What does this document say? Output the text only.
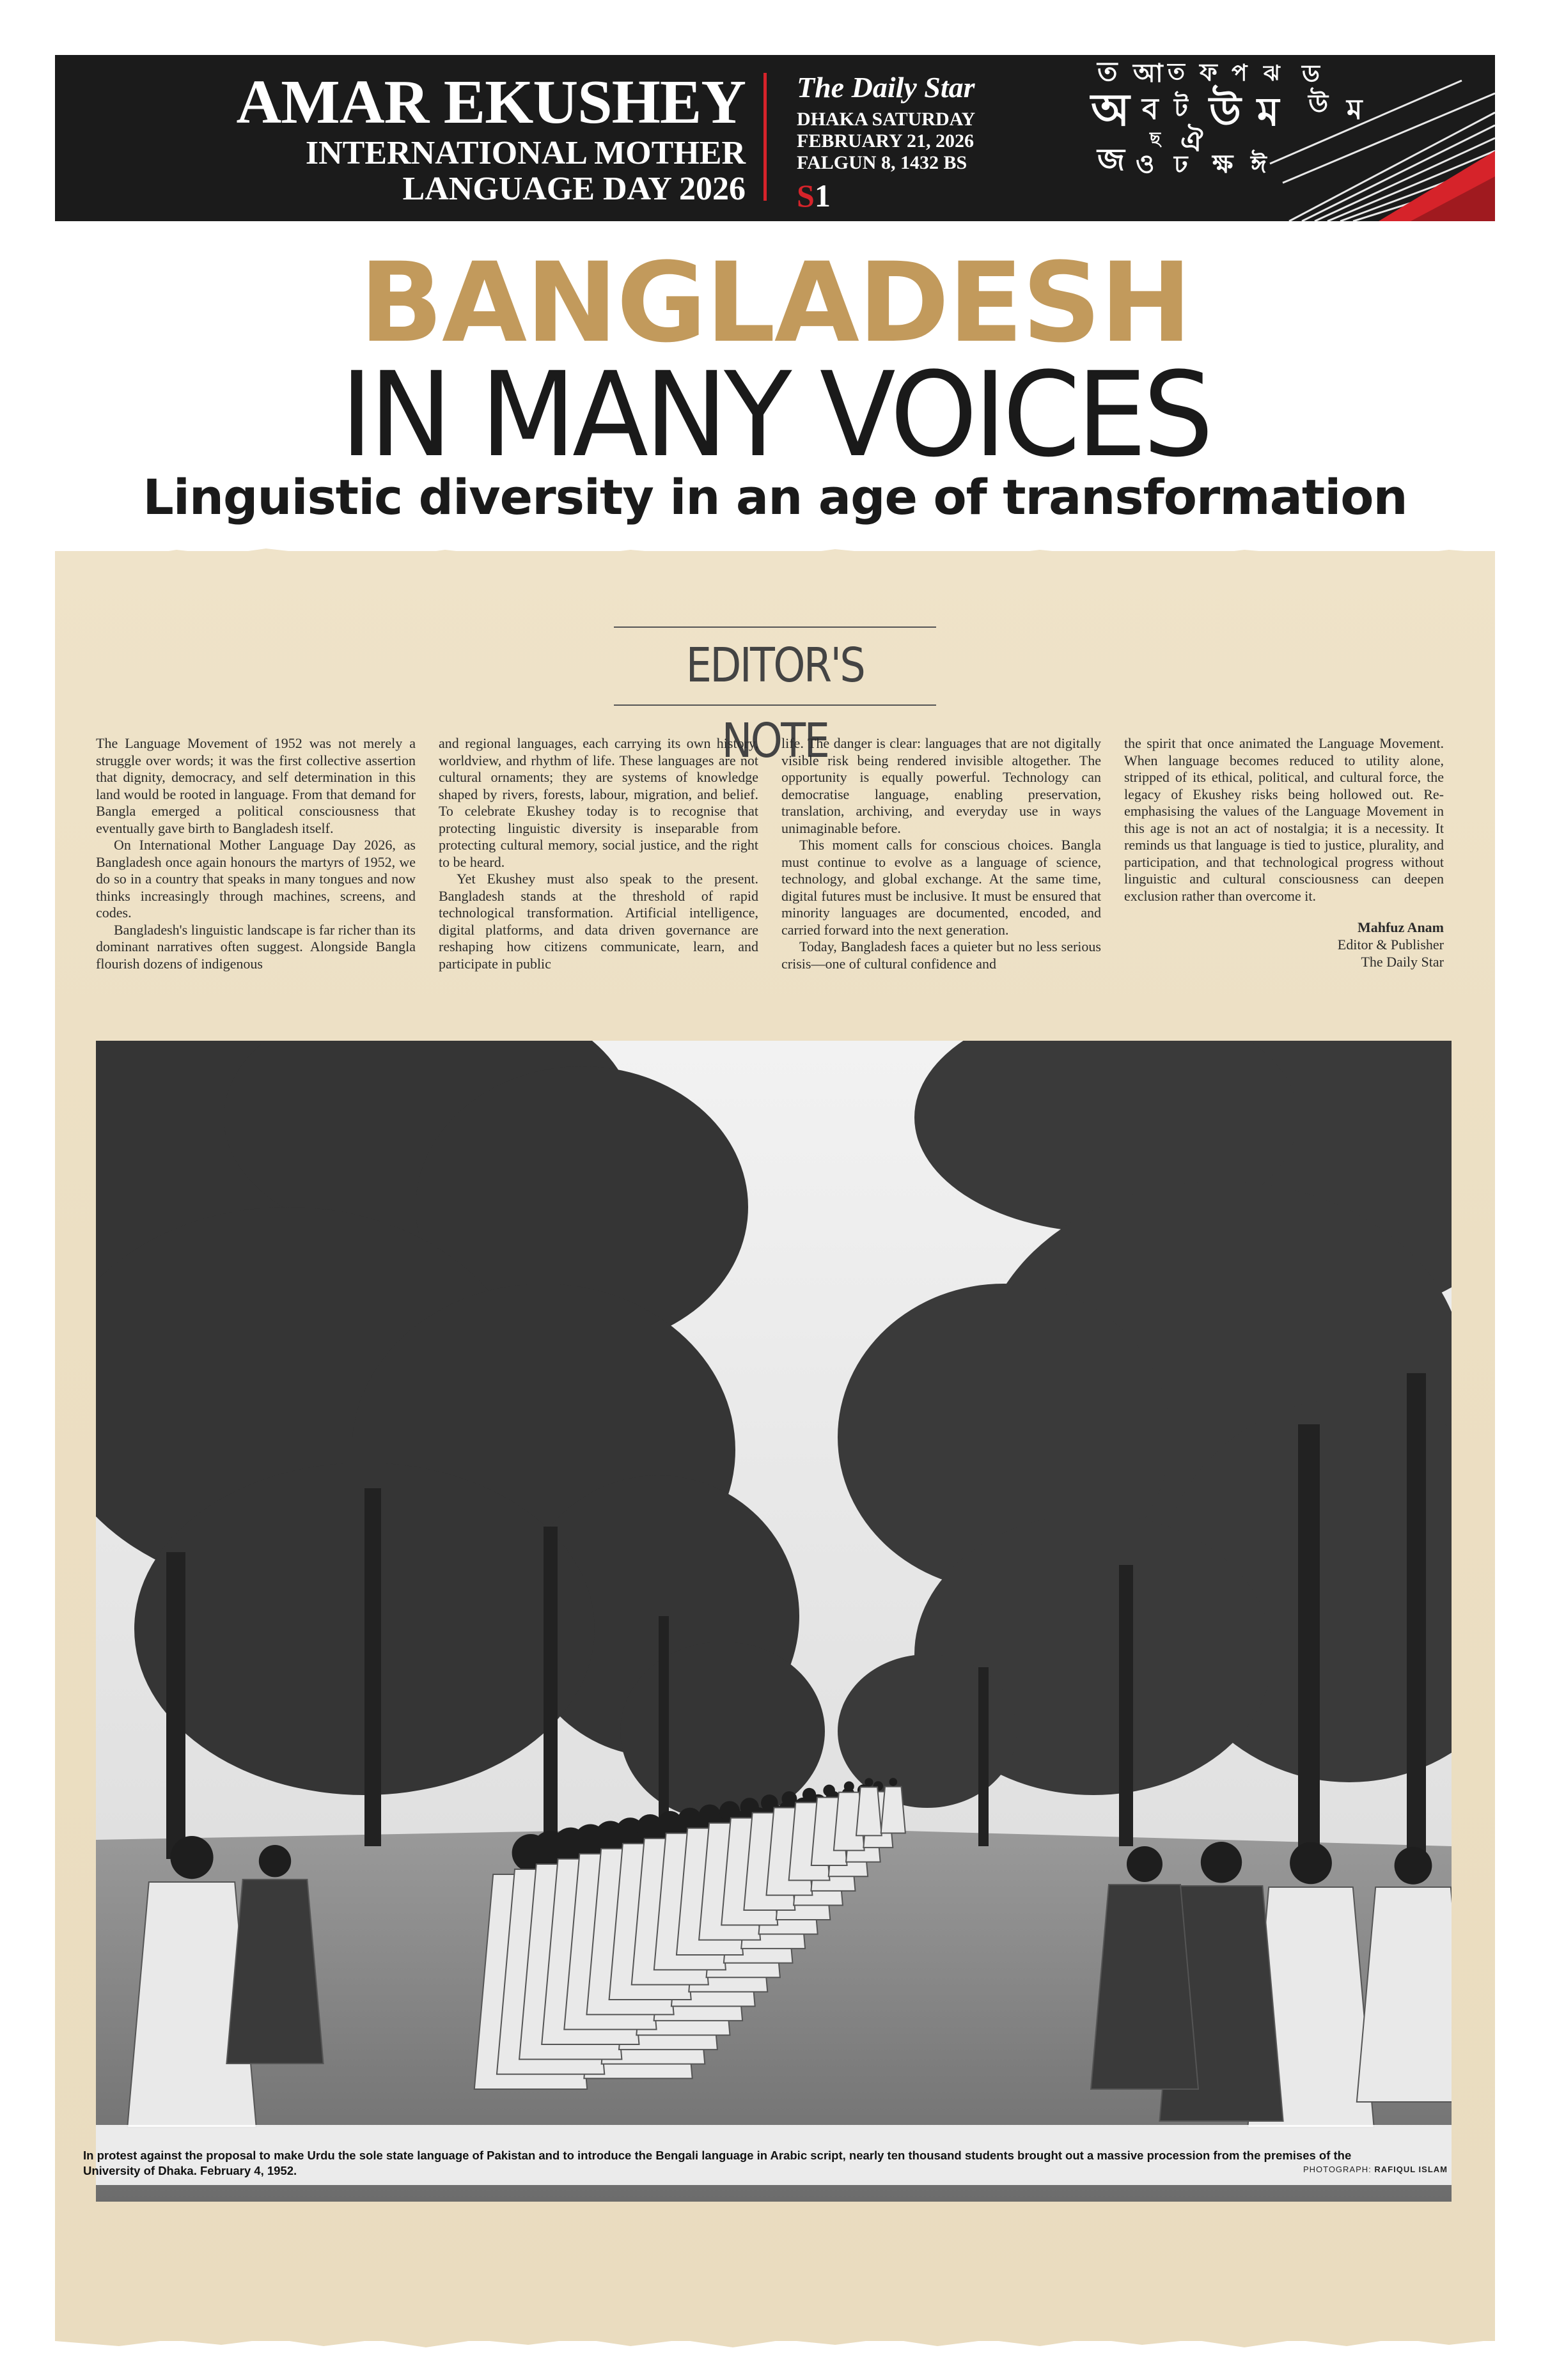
AMAR EKUSHEY
INTERNATIONAL MOTHER
LANGUAGE DAY 2026
The Daily Star
DHAKA SATURDAY
FEBRUARY 21, 2026
FALGUN 8, 1432 BS
S1
ত আ ত ফ প ঝ ড
অ ব ট উ ম উ ম
ঐ
জ ও ঢ ক্ষ ঈ
ছ
BANGLADESH
IN MANY VOICES
Linguistic diversity in an age of transformation
EDITOR'S NOTE

The Language Movement of 1952 was not merely a struggle over words; it was the first collective assertion that dignity, democracy, and self determination in this land would be rooted in language. From that demand for Bangla emerged a political consciousness that eventually gave birth to Bangladesh itself.

On International Mother Language Day 2026, as Bangladesh once again honours the martyrs of 1952, we do so in a country that speaks in many tongues and now thinks increasingly through machines, screens, and codes.

Bangladesh's linguistic landscape is far richer than its dominant narratives often suggest. Alongside Bangla flourish dozens of indigenous

and regional languages, each carrying its own history, worldview, and rhythm of life. These languages are not cultural ornaments; they are systems of knowledge shaped by rivers, forests, labour, migration, and belief. To celebrate Ekushey today is to recognise that protecting linguistic diversity is inseparable from protecting cultural memory, social justice, and the right to be heard.

Yet Ekushey must also speak to the present. Bangladesh stands at the threshold of rapid technological transformation. Artificial intelligence, digital platforms, and data driven governance are reshaping how citizens communicate, learn, and participate in public

life. The danger is clear: languages that are not digitally visible risk being rendered invisible altogether. The opportunity is equally powerful. Technology can democratise language, enabling preservation, translation, archiving, and everyday use in ways unimaginable before.

This moment calls for conscious choices. Bangla must continue to evolve as a language of science, technology, and global exchange. At the same time, digital futures must be inclusive. It must be ensured that minority languages are documented, encoded, and carried forward into the next generation.

Today, Bangladesh faces a quieter but no less serious crisis—one of cultural confidence and

the spirit that once animated the Language Movement. When language becomes reduced to utility alone, stripped of its ethical, political, and cultural force, the legacy of Ekushey risks being hollowed out. Re-emphasising the values of the Language Movement in this age is not an act of nostalgia; it is a necessity. It reminds us that language is tied to justice, plurality, and participation, and that technological progress without linguistic and cultural consciousness can deepen exclusion rather than overcome it.

Mahfuz Anam
Editor & Publisher
The Daily Star
In protest against the proposal to make Urdu the sole state language of Pakistan and to introduce the Bengali language in Arabic script, nearly ten thousand students brought out a massive procession from the premises of the University of Dhaka. February 4, 1952.	PHOTOGRAPH: RAFIQUL ISLAM
